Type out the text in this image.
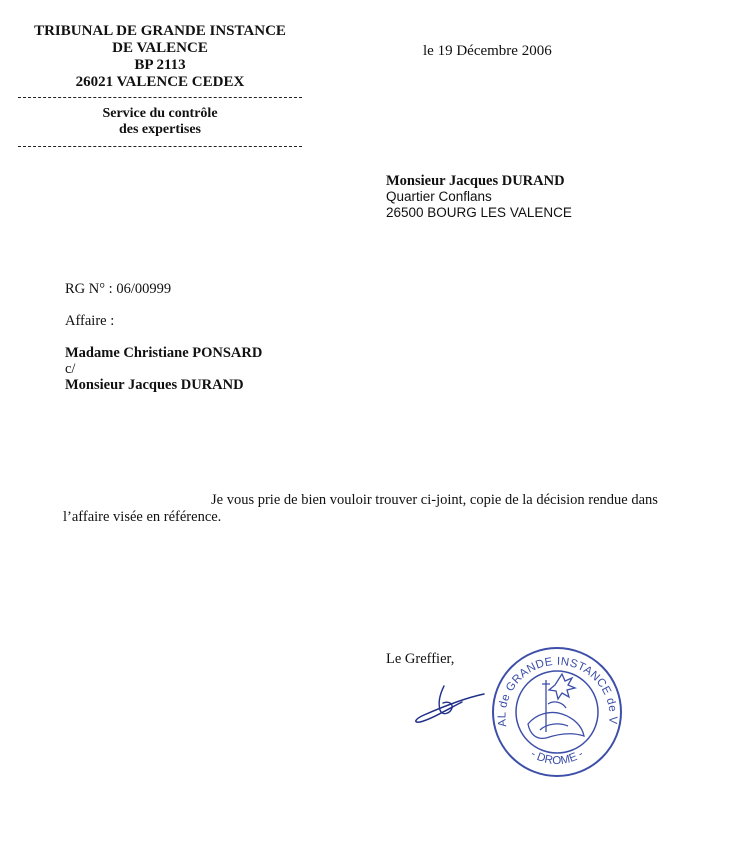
TRIBUNAL DE GRANDE INSTANCE
DE VALENCE
BP 2113
26021 VALENCE CEDEX
Service du contrôle
des expertises
le 19 Décembre 2006
Monsieur Jacques DURAND
Quartier Conflans
26500 BOURG LES VALENCE
RG N° : 06/00999
Affaire :
Madame Christiane PONSARD
c/
Monsieur Jacques DURAND
Je vous prie de bien vouloir trouver ci-joint, copie de la décision rendue dans
l’affaire visée en référence.
Le Greffier,
TRIBUNAL de GRANDE INSTANCE de VALENCE
- DROME -
